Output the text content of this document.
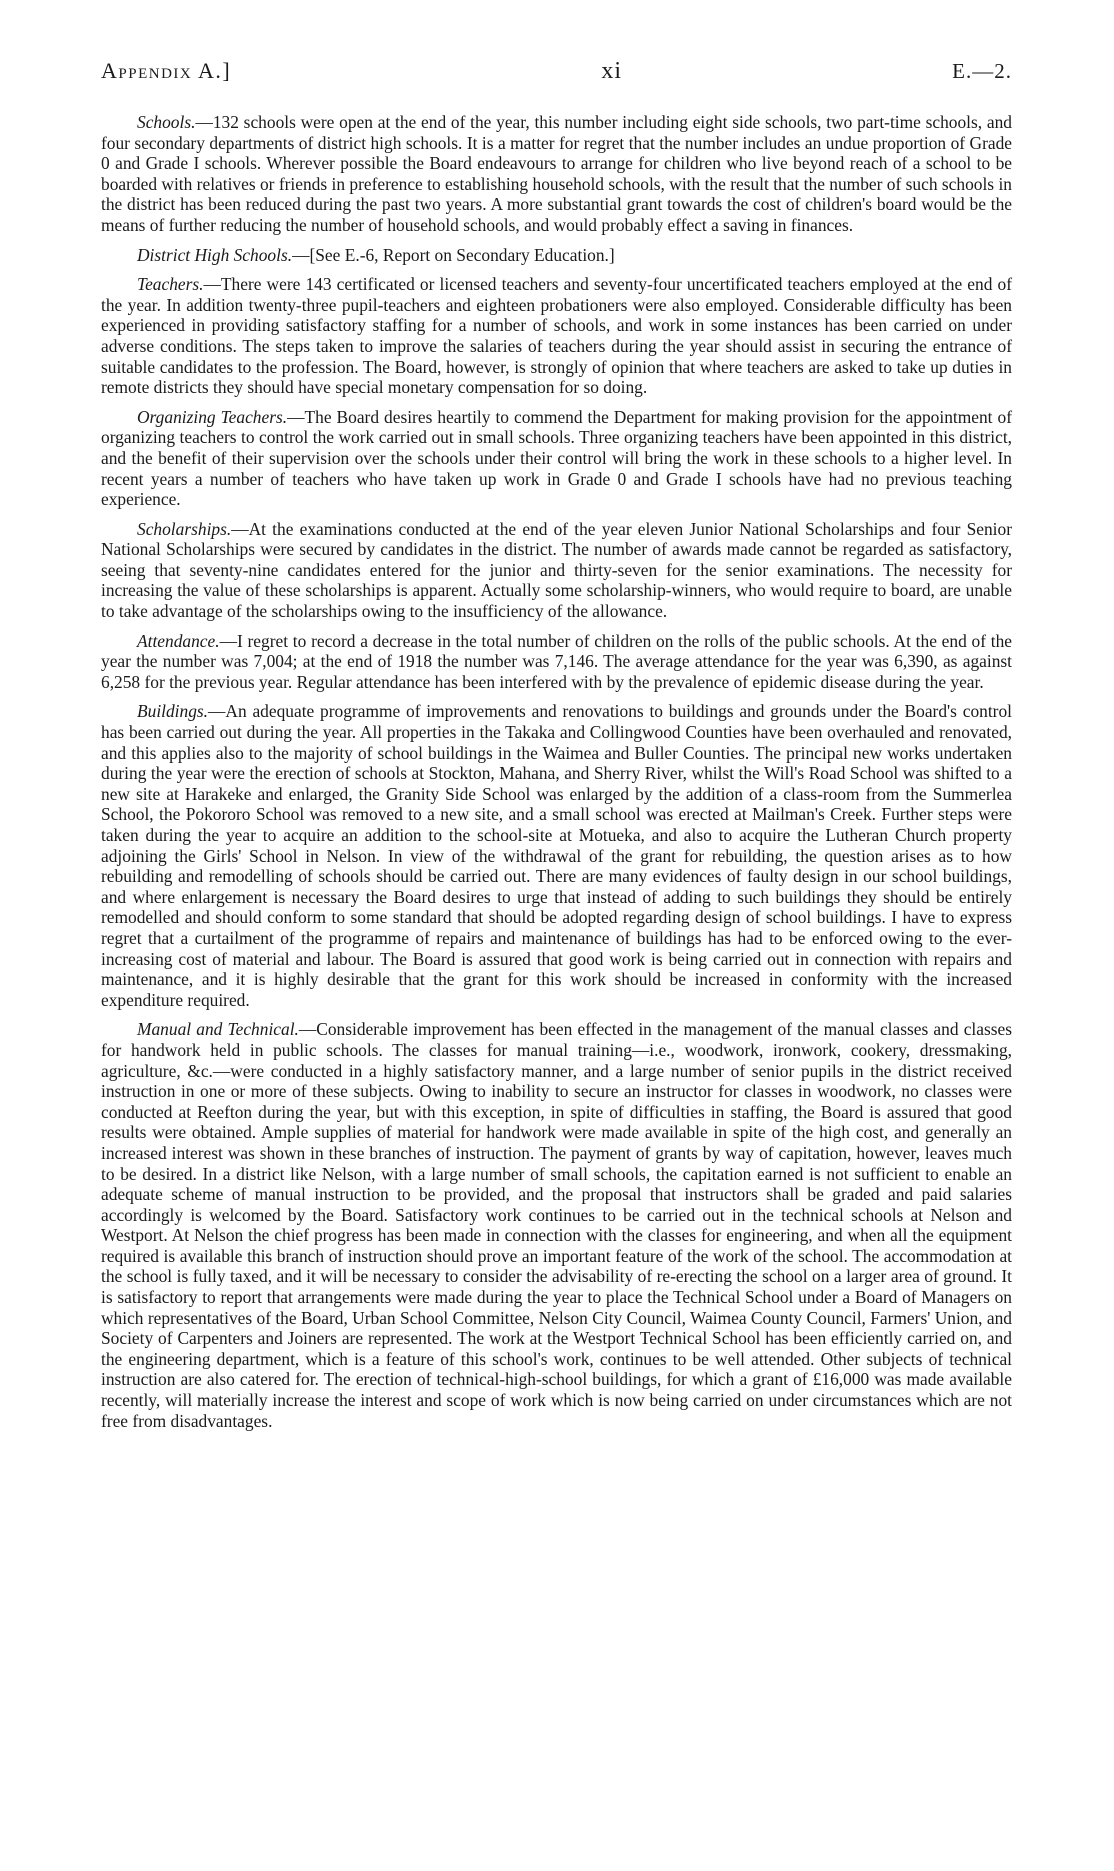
Appendix A.]	xi	E.—2.

Schools.—132 schools were open at the end of the year, this number including eight side schools, two part-time schools, and four secondary departments of district high schools. It is a matter for regret that the number includes an undue proportion of Grade 0 and Grade I schools. Wherever possible the Board endeavours to arrange for children who live beyond reach of a school to be boarded with relatives or friends in preference to establishing household schools, with the result that the number of such schools in the district has been reduced during the past two years. A more substantial grant towards the cost of children's board would be the means of further reducing the number of household schools, and would probably effect a saving in finances.

District High Schools.—[See E.-6, Report on Secondary Education.]

Teachers.—There were 143 certificated or licensed teachers and seventy-four uncertificated teachers employed at the end of the year. In addition twenty-three pupil-teachers and eighteen probationers were also employed. Considerable difficulty has been experienced in providing satisfactory staffing for a number of schools, and work in some instances has been carried on under adverse conditions. The steps taken to improve the salaries of teachers during the year should assist in securing the entrance of suitable candidates to the profession. The Board, however, is strongly of opinion that where teachers are asked to take up duties in remote districts they should have special monetary compensation for so doing.

Organizing Teachers.—The Board desires heartily to commend the Department for making provision for the appointment of organizing teachers to control the work carried out in small schools. Three organizing teachers have been appointed in this district, and the benefit of their supervision over the schools under their control will bring the work in these schools to a higher level. In recent years a number of teachers who have taken up work in Grade 0 and Grade I schools have had no previous teaching experience.

Scholarships.—At the examinations conducted at the end of the year eleven Junior National Scholarships and four Senior National Scholarships were secured by candidates in the district. The number of awards made cannot be regarded as satisfactory, seeing that seventy-nine candidates entered for the junior and thirty-seven for the senior examinations. The necessity for increasing the value of these scholarships is apparent. Actually some scholarship-winners, who would require to board, are unable to take advantage of the scholarships owing to the insufficiency of the allowance.

Attendance.—I regret to record a decrease in the total number of children on the rolls of the public schools. At the end of the year the number was 7,004; at the end of 1918 the number was 7,146. The average attendance for the year was 6,390, as against 6,258 for the previous year. Regular attendance has been interfered with by the prevalence of epidemic disease during the year.

Buildings.—An adequate programme of improvements and renovations to buildings and grounds under the Board's control has been carried out during the year. All properties in the Takaka and Collingwood Counties have been overhauled and renovated, and this applies also to the majority of school buildings in the Waimea and Buller Counties. The principal new works undertaken during the year were the erection of schools at Stockton, Mahana, and Sherry River, whilst the Will's Road School was shifted to a new site at Harakeke and enlarged, the Granity Side School was enlarged by the addition of a class-room from the Summerlea School, the Pokororo School was removed to a new site, and a small school was erected at Mailman's Creek. Further steps were taken during the year to acquire an addition to the school-site at Motueka, and also to acquire the Lutheran Church property adjoining the Girls' School in Nelson. In view of the withdrawal of the grant for rebuilding, the question arises as to how rebuilding and remodelling of schools should be carried out. There are many evidences of faulty design in our school buildings, and where enlargement is necessary the Board desires to urge that instead of adding to such buildings they should be entirely remodelled and should conform to some standard that should be adopted regarding design of school buildings. I have to express regret that a curtailment of the programme of repairs and maintenance of buildings has had to be enforced owing to the ever-increasing cost of material and labour. The Board is assured that good work is being carried out in connection with repairs and maintenance, and it is highly desirable that the grant for this work should be increased in conformity with the increased expenditure required.

Manual and Technical.—Considerable improvement has been effected in the management of the manual classes and classes for handwork held in public schools. The classes for manual training—i.e., woodwork, ironwork, cookery, dressmaking, agriculture, &c.—were conducted in a highly satisfactory manner, and a large number of senior pupils in the district received instruction in one or more of these subjects. Owing to inability to secure an instructor for classes in woodwork, no classes were conducted at Reefton during the year, but with this exception, in spite of difficulties in staffing, the Board is assured that good results were obtained. Ample supplies of material for handwork were made available in spite of the high cost, and generally an increased interest was shown in these branches of instruction. The payment of grants by way of capitation, however, leaves much to be desired. In a district like Nelson, with a large number of small schools, the capitation earned is not sufficient to enable an adequate scheme of manual instruction to be provided, and the proposal that instructors shall be graded and paid salaries accordingly is welcomed by the Board. Satisfactory work continues to be carried out in the technical schools at Nelson and Westport. At Nelson the chief progress has been made in connection with the classes for engineering, and when all the equipment required is available this branch of instruction should prove an important feature of the work of the school. The accommodation at the school is fully taxed, and it will be necessary to consider the advisability of re-erecting the school on a larger area of ground. It is satisfactory to report that arrangements were made during the year to place the Technical School under a Board of Managers on which representatives of the Board, Urban School Committee, Nelson City Council, Waimea County Council, Farmers' Union, and Society of Carpenters and Joiners are represented. The work at the Westport Technical School has been efficiently carried on, and the engineering department, which is a feature of this school's work, continues to be well attended. Other subjects of technical instruction are also catered for. The erection of technical-high-school buildings, for which a grant of £16,000 was made available recently, will materially increase the interest and scope of work which is now being carried on under circumstances which are not free from disadvantages.
